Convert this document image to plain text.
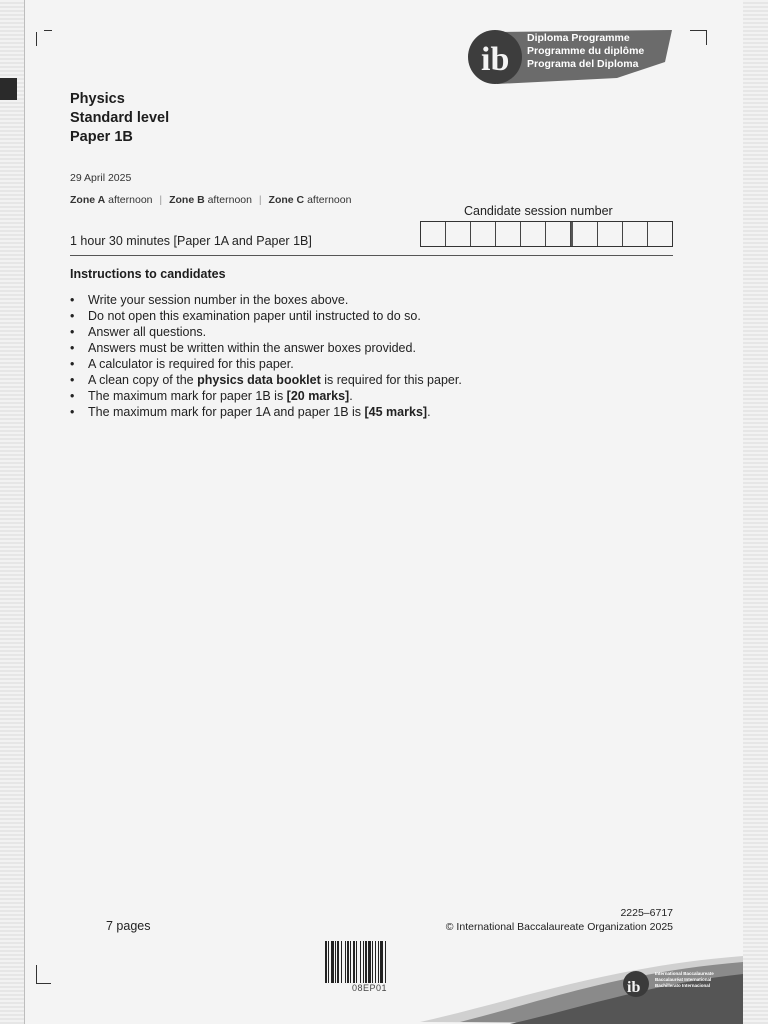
ib
Diploma Programme
Programme du diplôme
Programa del Diploma
Physics
Standard level
Paper 1B
29 April 2025
Zone A afternoon | Zone B afternoon | Zone C afternoon
1 hour 30 minutes [Paper 1A and Paper 1B]
Candidate session number
Instructions to candidates
• Write your session number in the boxes above.
• Do not open this examination paper until instructed to do so.
• Answer all questions.
• Answers must be written within the answer boxes provided.
• A calculator is required for this paper.
• A clean copy of the physics data booklet is required for this paper.
• The maximum mark for paper 1B is [20 marks].
• The maximum mark for paper 1A and paper 1B is [45 marks].
7 pages
2225–6717
© International Baccalaureate Organization 2025
08EP01	ib
International Baccalaureate
Baccalauréat International
Bachillerato Internacional
